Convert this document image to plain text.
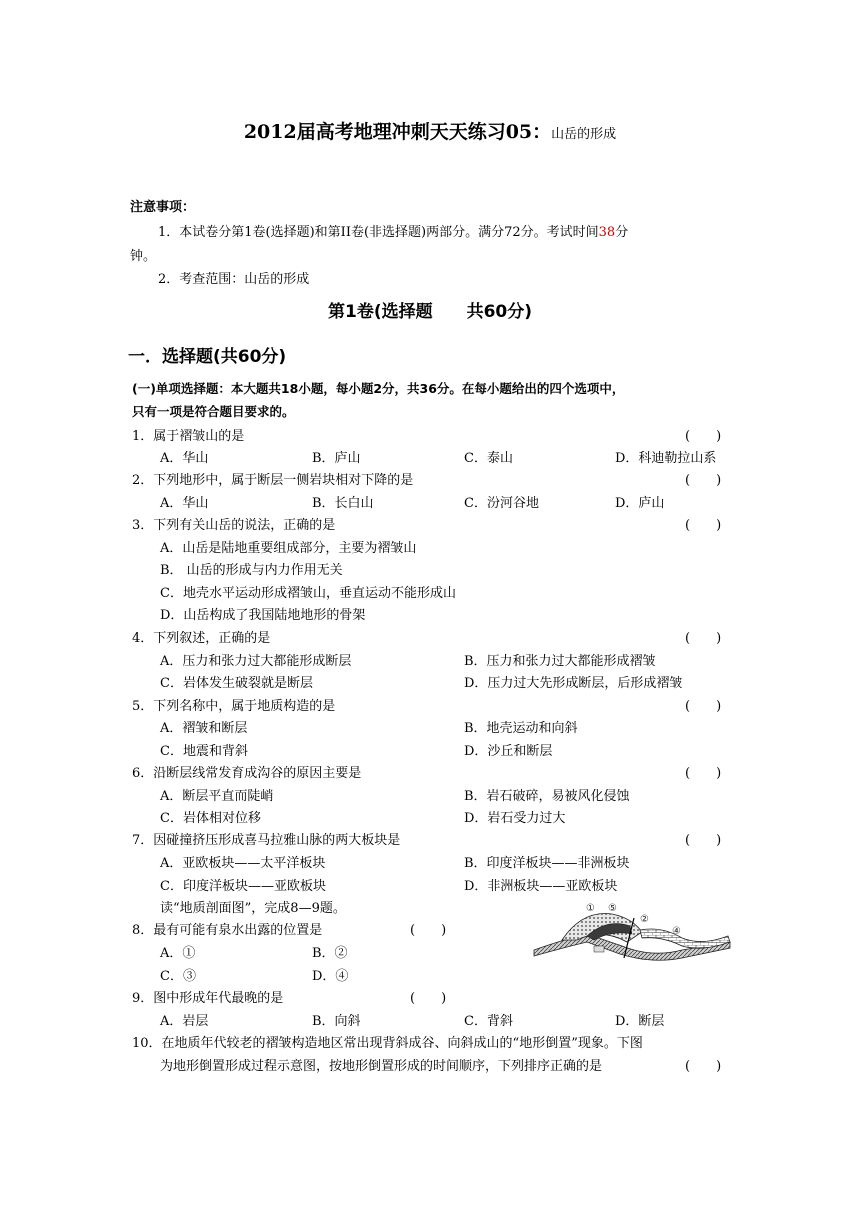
2012届高考地理冲刺天天练习05：山岳的形成
注意事项：
1．本试卷分第1卷(选择题)和第II卷(非选择题)两部分。满分72分。考试时间38分
钟。
2．考查范围：山岳的形成
第1卷(选择题　　共60分)
一．选择题(共60分)
(一)单项选择题：本大题共18小题，每小题2分，共36分。在每小题给出的四个选项中，
只有一项是符合题目要求的。
1．属于褶皱山的是	(　　)
A．华山	B．庐山	C．泰山	D．科迪勒拉山系
2．下列地形中，属于断层一侧岩块相对下降的是	(　　)
A．华山	B．长白山	C．汾河谷地	D．庐山
3．下列有关山岳的说法，正确的是	(　　)
A．山岳是陆地重要组成部分，主要为褶皱山
B． 山岳的形成与内力作用无关
C．地壳水平运动形成褶皱山，垂直运动不能形成山
D．山岳构成了我国陆地地形的骨架
4．下列叙述，正确的是	(　　)
A．压力和张力过大都能形成断层	B．压力和张力过大都能形成褶皱
C．岩体发生破裂就是断层	D．压力过大先形成断层，后形成褶皱
5．下列名称中，属于地质构造的是	(　　)
A．褶皱和断层	B．地壳运动和向斜
C．地震和背斜	D．沙丘和断层
6．沿断层线常发育成沟谷的原因主要是	(　　)
A．断层平直而陡峭	B．岩石破碎，易被风化侵蚀
C．岩体相对位移	D．岩石受力过大
7．因碰撞挤压形成喜马拉雅山脉的两大板块是	(　　)
A．亚欧板块——太平洋板块	B．印度洋板块——非洲板块
C．印度洋板块——亚欧板块	D．非洲板块——亚欧板块
读“地质剖面图”，完成8—9题。
8．最有可能有泉水出露的位置是	(　　)
A．①	B．②
C．③	D．④
9．图中形成年代最晚的是	(　　)
A．岩层	B．向斜	C．背斜	D．断层
10．在地质年代较老的褶皱构造地区常出现背斜成谷、向斜成山的“地形倒置”现象。下图
为地形倒置形成过程示意图，按地形倒置形成的时间顺序，下列排序正确的是	(　　)
① ⑤
②
④
